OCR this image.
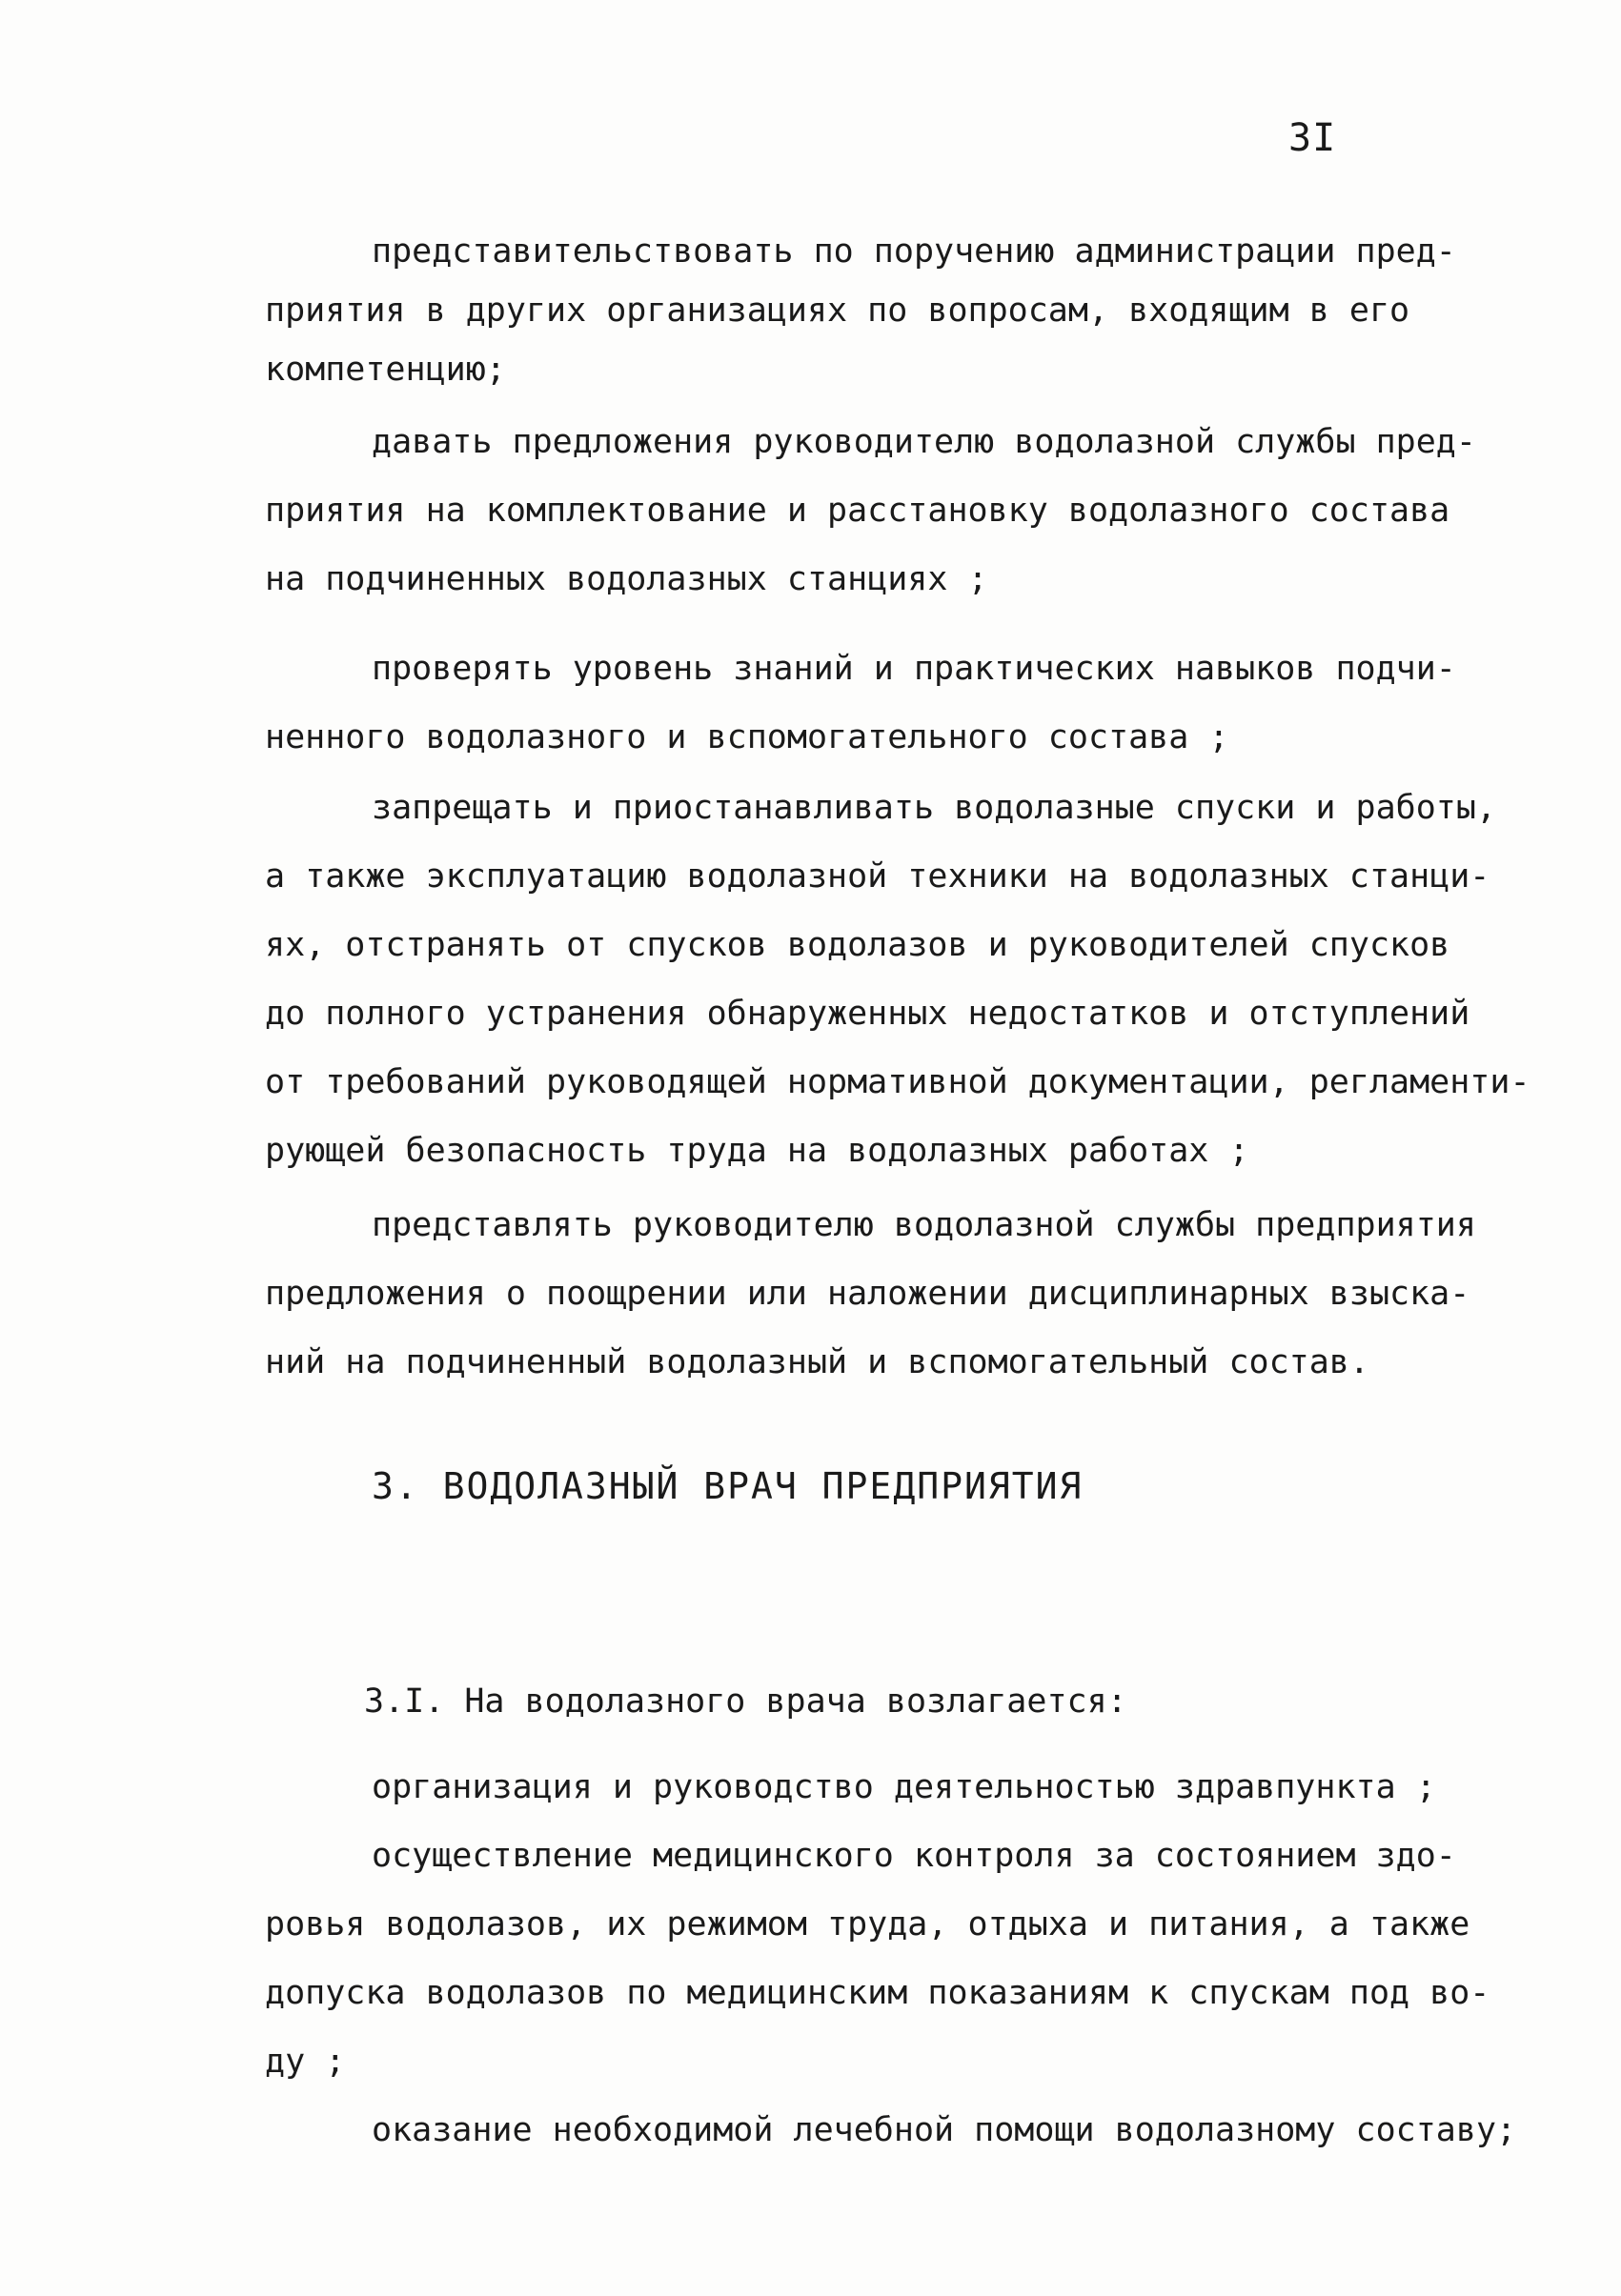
3I
представительствовать по поручению администрации пред-
приятия в других организациях по вопросам, входящим в его
компетенцию;
давать предложения руководителю водолазной службы пред-
приятия на комплектование и расстановку водолазного состава
на подчиненных водолазных станциях ;
проверять уровень знаний и практических навыков подчи-
ненного водолазного и вспомогательного состава ;
запрещать и приостанавливать водолазные спуски и работы,
а также эксплуатацию водолазной техники на водолазных станци-
ях, отстранять от спусков водолазов и руководителей спусков
до полного устранения обнаруженных недостатков и отступлений
от требований руководящей нормативной документации, регламенти-
рующей безопасность труда на водолазных работах ;
представлять руководителю водолазной службы предприятия
предложения о поощрении или наложении дисциплинарных взыска-
ний на подчиненный водолазный и вспомогательный состав.
3. ВОДОЛАЗНЫЙ ВРАЧ ПРЕДПРИЯТИЯ
3.I. На водолазного врача возлагается:
организация и руководство деятельностью здравпункта ;
осуществление медицинского контроля за состоянием здо-
ровья водолазов, их режимом труда, отдыха и питания, а также
допуска водолазов по медицинским показаниям к спускам под во-
ду ;
оказание необходимой лечебной помощи водолазному составу;
